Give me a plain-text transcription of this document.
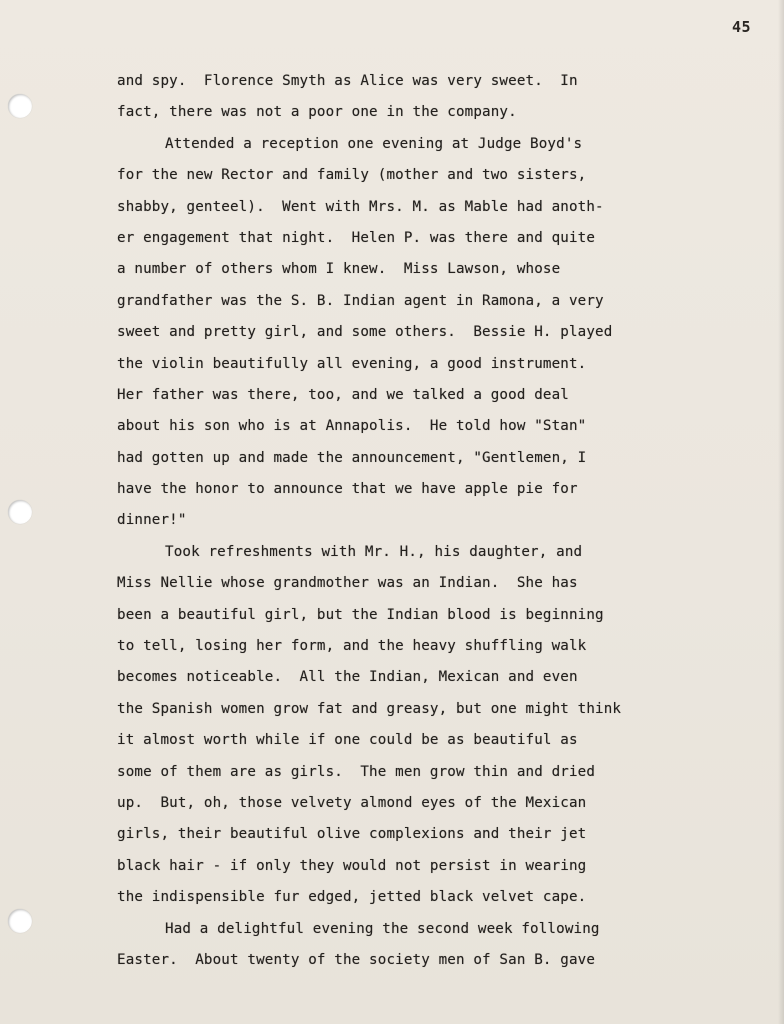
45
and spy.  Florence Smyth as Alice was very sweet.  In
fact, there was not a poor one in the company.
Attended a reception one evening at Judge Boyd's
for the new Rector and family (mother and two sisters,
shabby, genteel).  Went with Mrs. M. as Mable had anoth-
er engagement that night.  Helen P. was there and quite
a number of others whom I knew.  Miss Lawson, whose
grandfather was the S. B. Indian agent in Ramona, a very
sweet and pretty girl, and some others.  Bessie H. played
the violin beautifully all evening, a good instrument.
Her father was there, too, and we talked a good deal
about his son who is at Annapolis.  He told how "Stan"
had gotten up and made the announcement, "Gentlemen, I
have the honor to announce that we have apple pie for
dinner!"
Took refreshments with Mr. H., his daughter, and
Miss Nellie whose grandmother was an Indian.  She has
been a beautiful girl, but the Indian blood is beginning
to tell, losing her form, and the heavy shuffling walk
becomes noticeable.  All the Indian, Mexican and even
the Spanish women grow fat and greasy, but one might think
it almost worth while if one could be as beautiful as
some of them are as girls.  The men grow thin and dried
up.  But, oh, those velvety almond eyes of the Mexican
girls, their beautiful olive complexions and their jet
black hair - if only they would not persist in wearing
the indispensible fur edged, jetted black velvet cape.
Had a delightful evening the second week following
Easter.  About twenty of the society men of San B. gave
